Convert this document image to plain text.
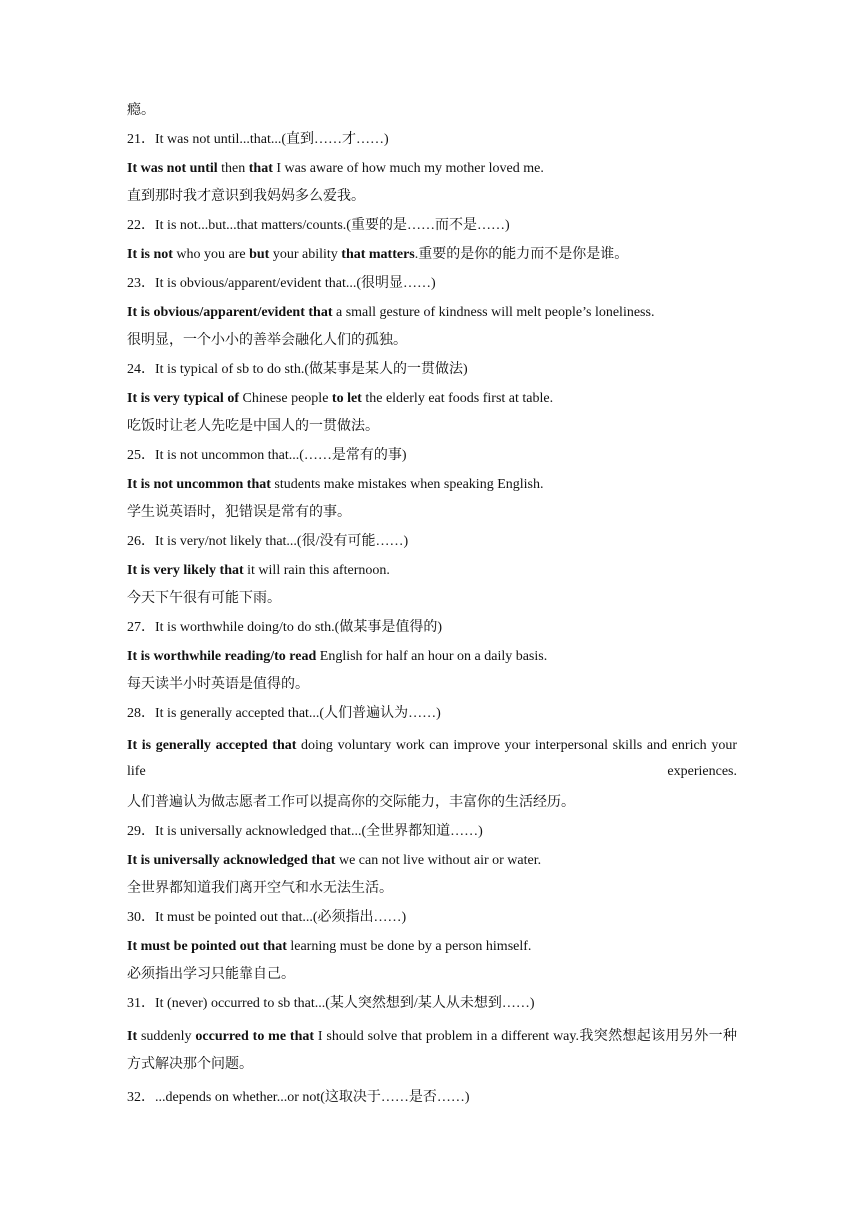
瘾。
21．It was not until...that...(直到……才……)
It was not until then that I was aware of how much my mother loved me.
直到那时我才意识到我妈妈多么爱我。
22．It is not...but...that matters/counts.(重要的是……而不是……)
It is not who you are but your ability that matters.重要的是你的能力而不是你是谁。
23．It is obvious/apparent/evident that...(很明显……)
It is obvious/apparent/evident that a small gesture of kindness will melt people’s loneliness.
很明显，一个小小的善举会融化人们的孤独。
24．It is typical of sb to do sth.(做某事是某人的一贯做法)
It is very typical of Chinese people to let the elderly eat foods first at table.
吃饭时让老人先吃是中国人的一贯做法。
25．It is not uncommon that...(……是常有的事)
It is not uncommon that students make mistakes when speaking English.
学生说英语时，犯错误是常有的事。
26．It is very/not likely that...(很/没有可能……)
It is very likely that it will rain this afternoon.
今天下午很有可能下雨。
27．It is worthwhile doing/to do sth.(做某事是值得的)
It is worthwhile reading/to read English for half an hour on a daily basis.
每天读半小时英语是值得的。
28．It is generally accepted that...(人们普遍认为……)
It is generally accepted that doing voluntary work can improve your interpersonal skills and enrich your life experiences.
人们普遍认为做志愿者工作可以提高你的交际能力，丰富你的生活经历。
29．It is universally acknowledged that...(全世界都知道……)
It is universally acknowledged that we can not live without air or water.
全世界都知道我们离开空气和水无法生活。
30．It must be pointed out that...(必须指出……)
It must be pointed out that learning must be done by a person himself.
必须指出学习只能靠自己。
31．It (never) occurred to sb that...(某人突然想到/某人从未想到……)
It suddenly occurred to me that I should solve that problem in a different way.我突然想起该用另外一种方式解决那个问题。
32．...depends on whether...or not(这取决于……是否……)
